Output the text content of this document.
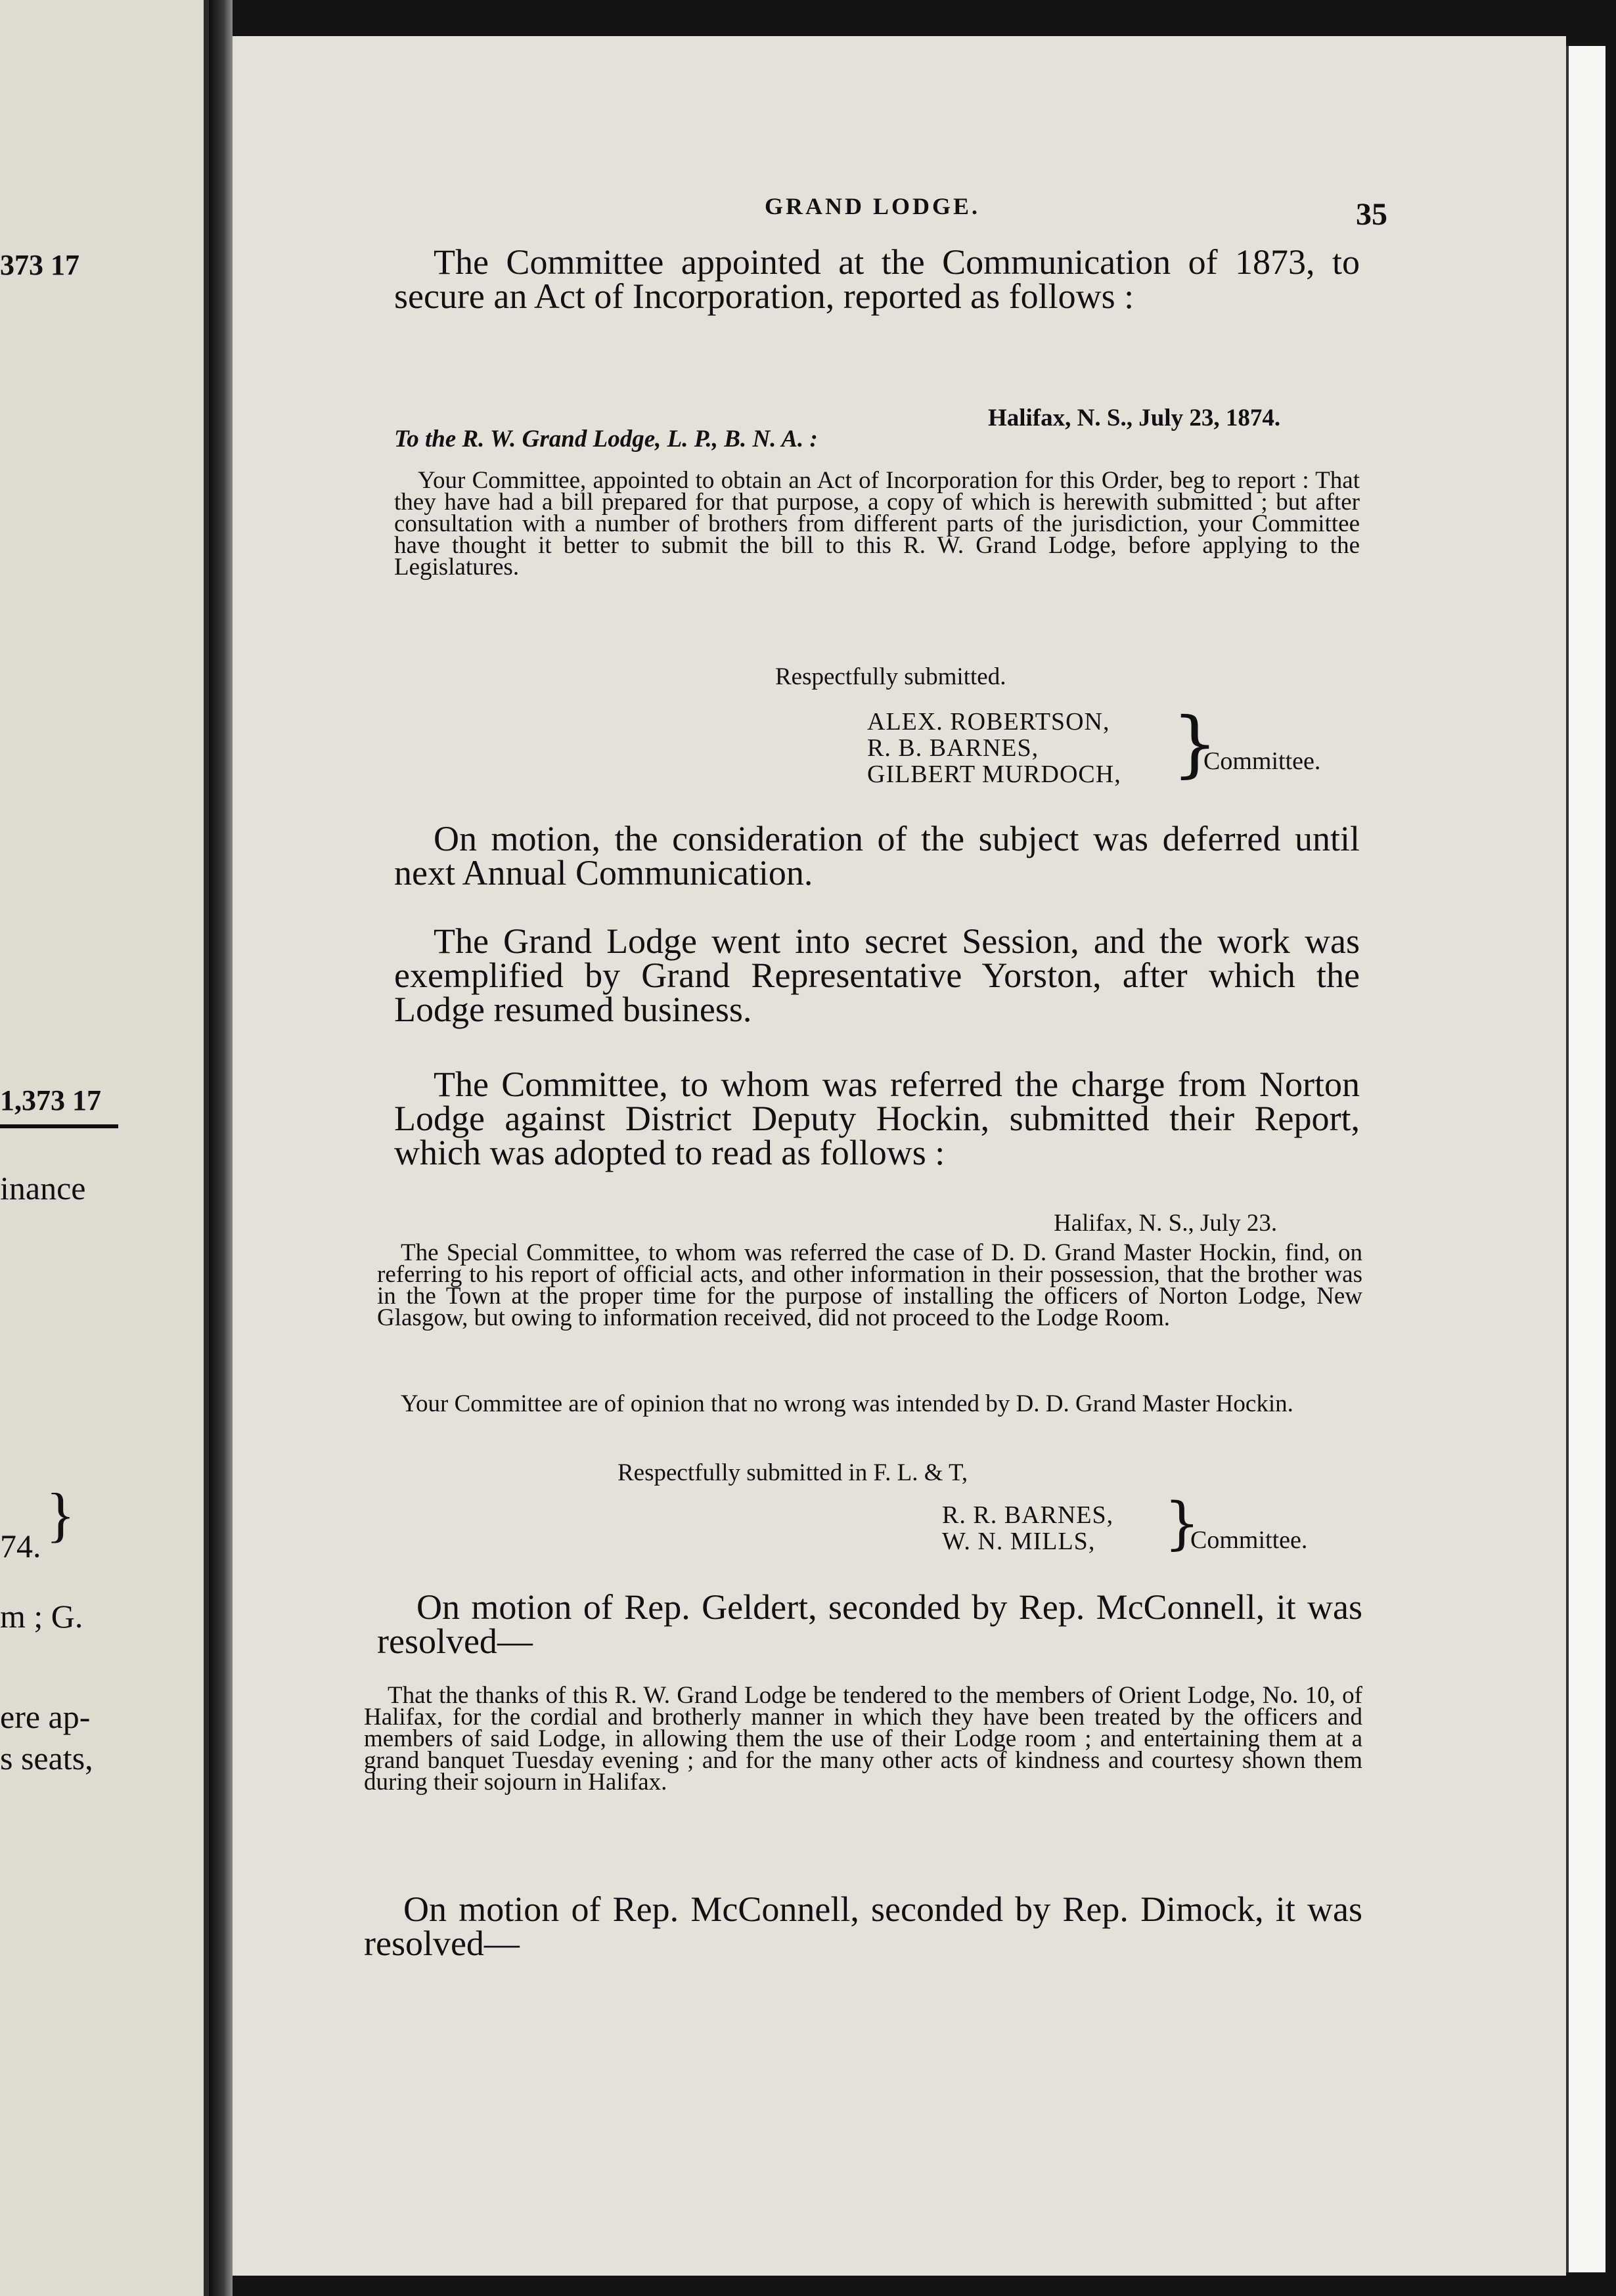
373 17
1,373 17
inance
74. }
m ; G.
ere ap-
s seats,
GRAND LODGE.	35
The Committee appointed at the Communication of 1873, to secure an Act of Incorporation, reported as follows :
Halifax, N. S., July 23, 1874.
To the R. W. Grand Lodge, L. P., B. N. A. :
Your Committee, appointed to obtain an Act of Incorporation for this Order, beg to report : That they have had a bill prepared for that purpose, a copy of which is herewith submitted ; but after consultation with a number of brothers from different parts of the jurisdiction, your Committee have thought it better to submit the bill to this R. W. Grand Lodge, before applying to the Legislatures.
Respectfully submitted.
ALEX. ROBERTSON,
R. B. BARNES,
GILBERT MURDOCH, }
Committee.
On motion, the consideration of the subject was deferred until next Annual Communication.
The Grand Lodge went into secret Session, and the work was exemplified by Grand Representative Yorston, after which the Lodge resumed business.
The Committee, to whom was referred the charge from Norton Lodge against District Deputy Hockin, submitted their Report, which was adopted to read as follows :
Halifax, N. S., July 23.
The Special Committee, to whom was referred the case of D. D. Grand Master Hockin, find, on referring to his report of official acts, and other information in their possession, that the brother was in the Town at the proper time for the purpose of installing the officers of Norton Lodge, New Glasgow, but owing to information received, did not proceed to the Lodge Room.
Your Committee are of opinion that no wrong was intended by D. D. Grand Master Hockin.
Respectfully submitted in F. L. & T,
R. R. BARNES,
W. N. MILLS,	}
Committee.
On motion of Rep. Geldert, seconded by Rep. McConnell, it was resolved—
That the thanks of this R. W. Grand Lodge be tendered to the members of Orient Lodge, No. 10, of Halifax, for the cordial and brotherly manner in which they have been treated by the officers and members of said Lodge, in allowing them the use of their Lodge room ; and entertaining them at a grand banquet Tuesday evening ; and for the many other acts of kindness and courtesy shown them during their sojourn in Halifax.
On motion of Rep. McConnell, seconded by Rep. Dimock, it was resolved—
